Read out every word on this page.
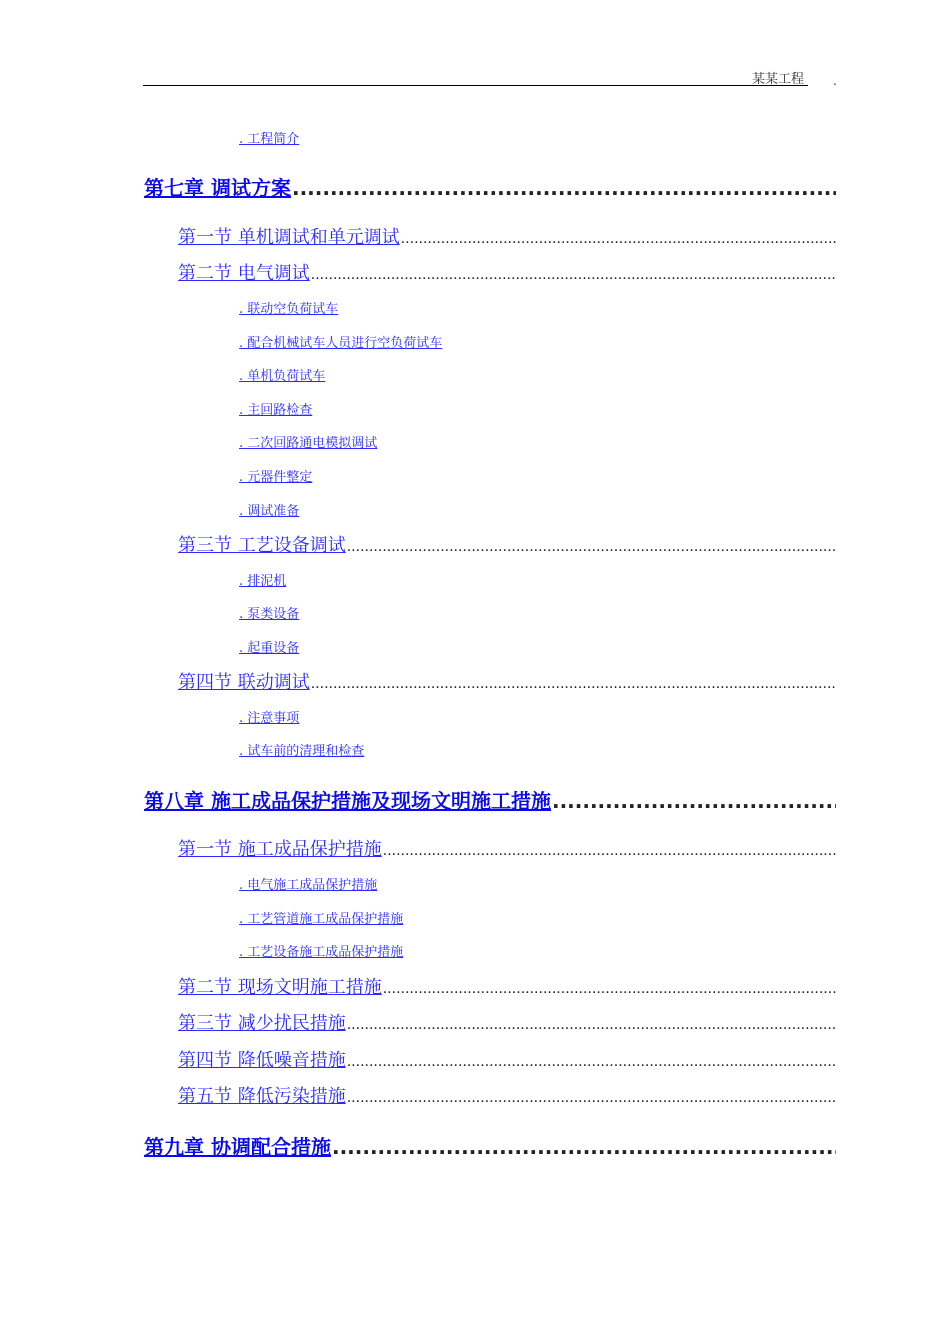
某某工程 .
. 工程简介
第七章 调试方案
.....
第一节 单机调试和单元调试
.....
第二节 电气调试
.....
. 联动空负荷试车
. 配合机械试车人员进行空负荷试车
. 单机负荷试车
. 主回路检查
. 二次回路通电模拟调试
. 元器件整定
. 调试准备
第三节 工艺设备调试
.....
. 排泥机
. 泵类设备
. 起重设备
第四节 联动调试
.....
. 注意事项
. 试车前的清理和检查
第八章 施工成品保护措施及现场文明施工措施
.....
第一节 施工成品保护措施
.....
. 电气施工成品保护措施
. 工艺管道施工成品保护措施
. 工艺设备施工成品保护措施
第二节 现场文明施工措施
.....
第三节 减少扰民措施
.....
第四节 降低噪音措施
.....
第五节 降低污染措施
.....
第九章 协调配合措施
.....
